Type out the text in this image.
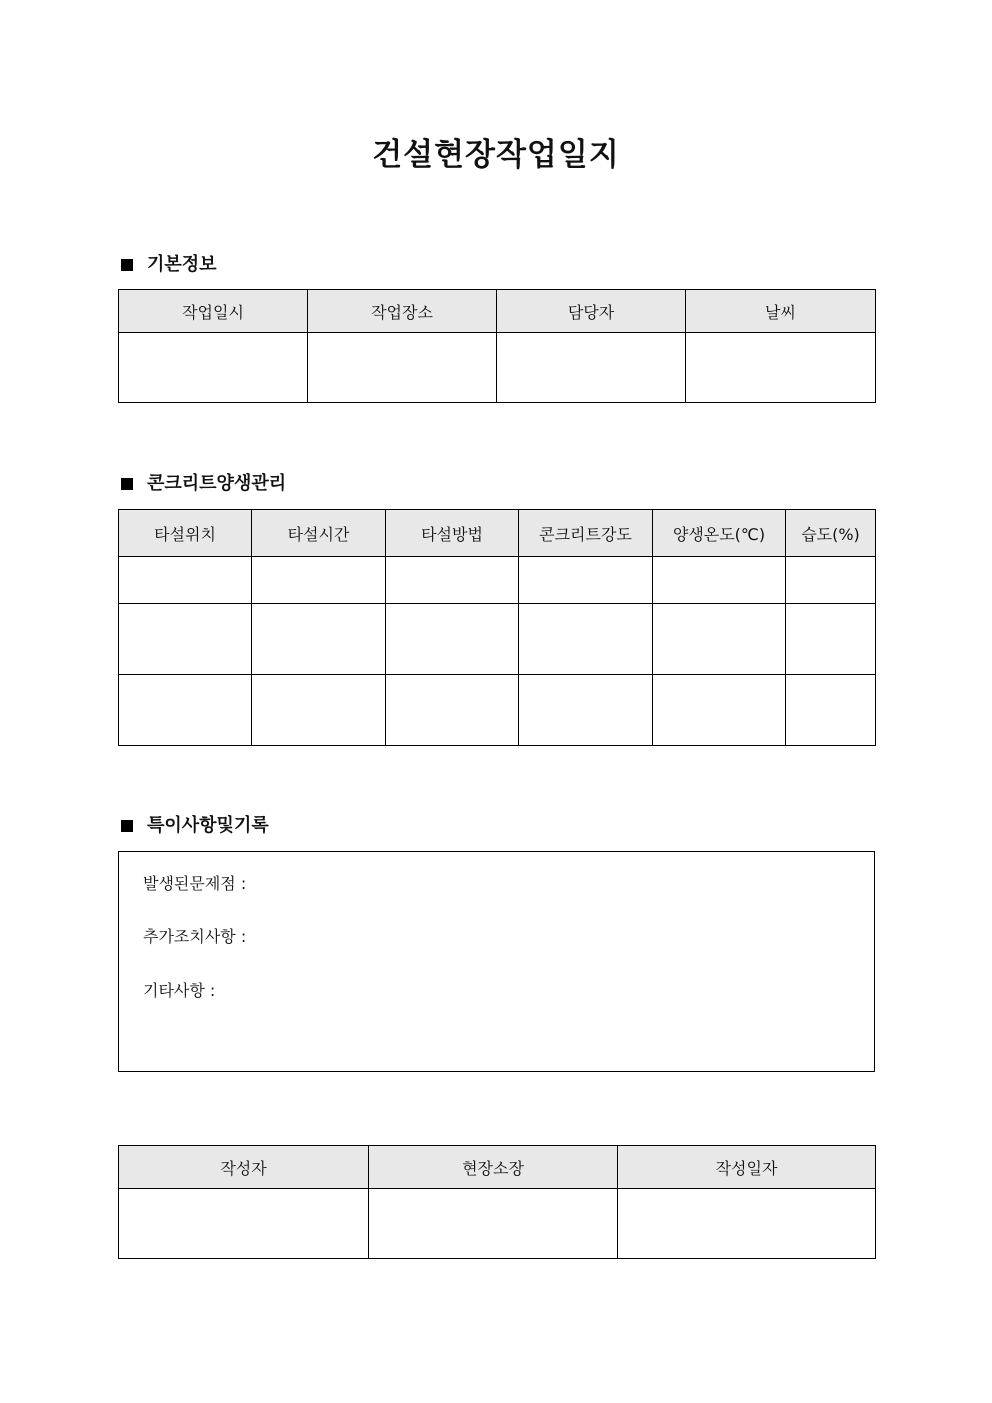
건설현장작업일지
기본정보
작업일시	작업장소	담당자	날씨

콘크리트양생관리
타설위치	타설시간	타설방법	콘크리트강도	양생온도(℃)	습도(%)

특이사항및기록
발생된문제점 :
추가조치사항 :
기타사항 :
작성자	현장소장	작성일자
